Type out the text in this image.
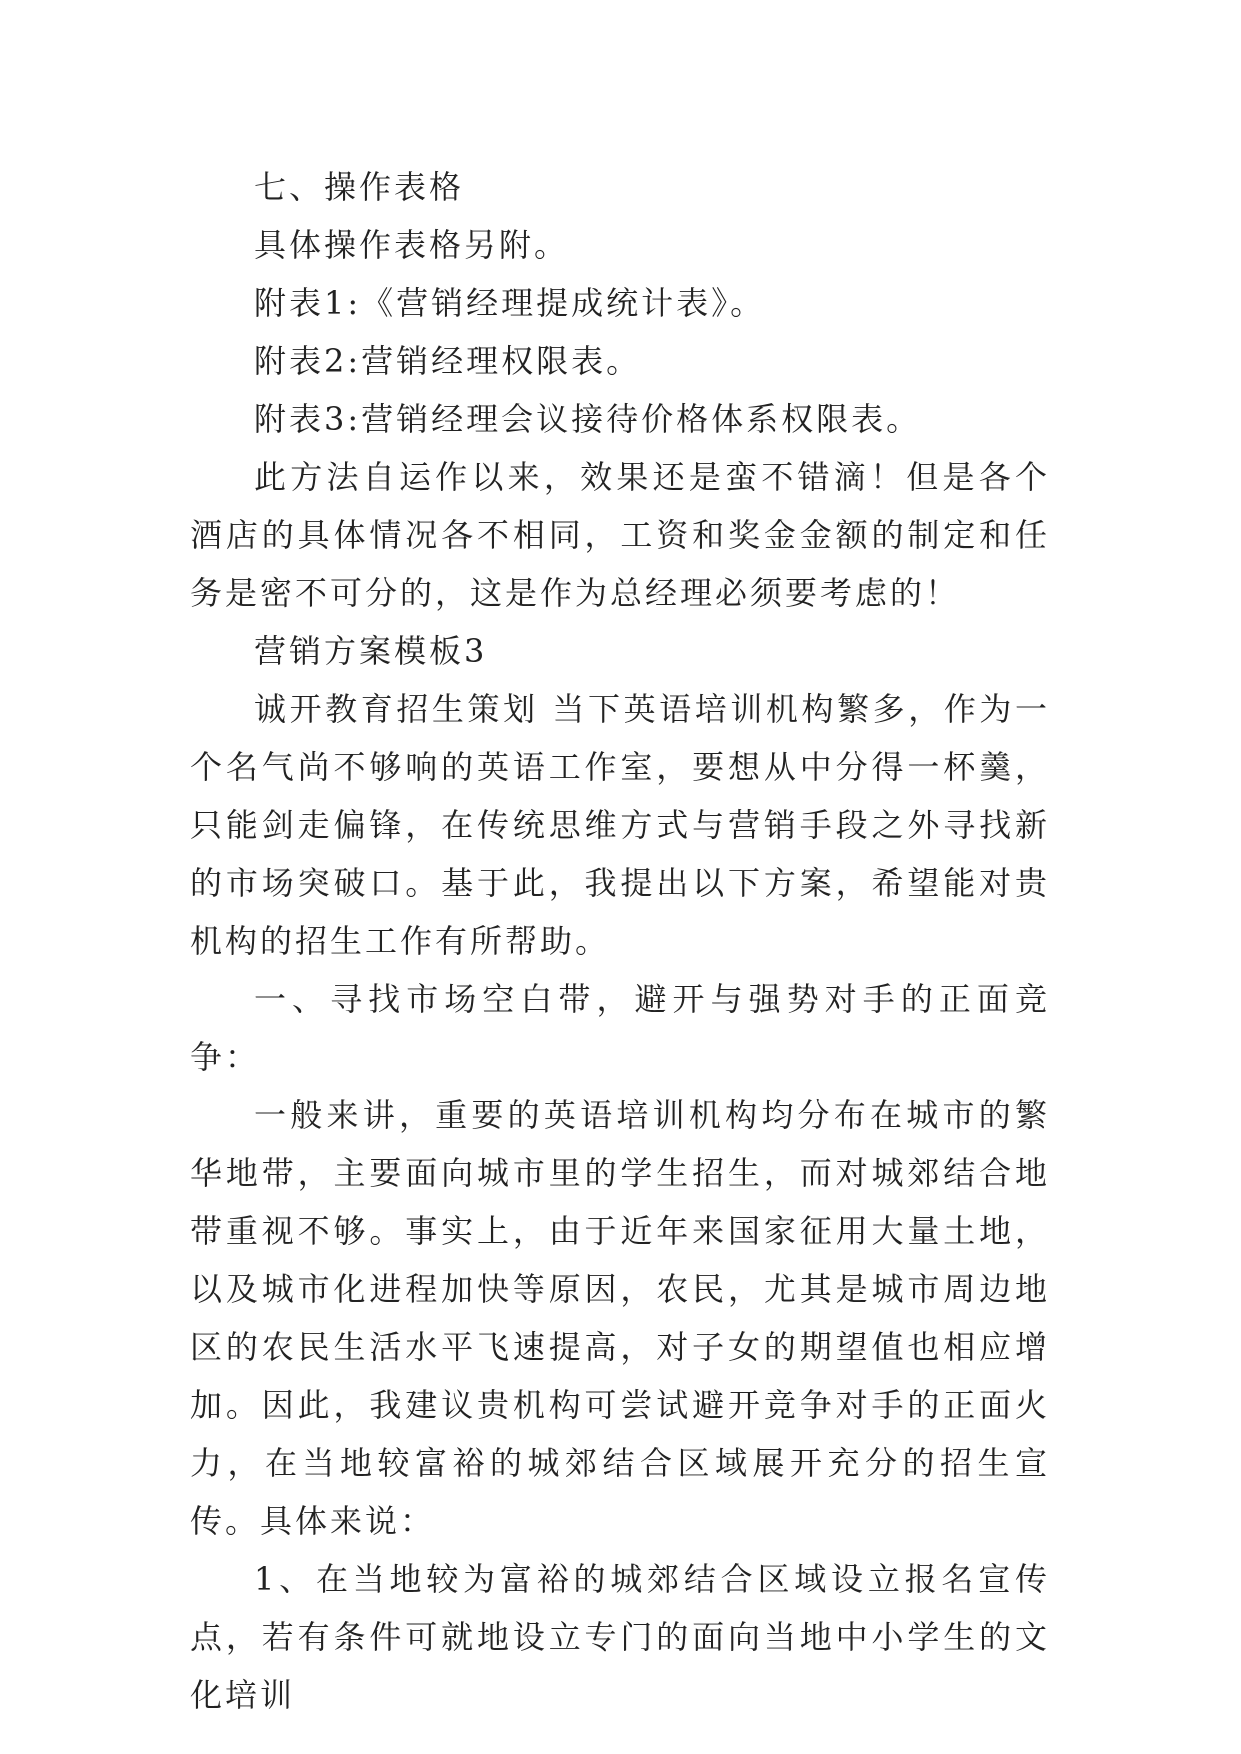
七、操作表格

具体操作表格另附。

附表1:《营销经理提成统计表》。

附表2:营销经理权限表。

附表3:营销经理会议接待价格体系权限表。

此方法自运作以来，效果还是蛮不错滴！但是各个酒店的具体情况各不相同，工资和奖金金额的制定和任务是密不可分的，这是作为总经理必须要考虑的！

营销方案模板3

诚开教育招生策划 当下英语培训机构繁多，作为一个名气尚不够响的英语工作室，要想从中分得一杯羹，只能剑走偏锋，在传统思维方式与营销手段之外寻找新的市场突破口。基于此，我提出以下方案，希望能对贵机构的招生工作有所帮助。

一、寻找市场空白带，避开与强势对手的正面竞争：

一般来讲，重要的英语培训机构均分布在城市的繁华地带，主要面向城市里的学生招生，而对城郊结合地带重视不够。事实上，由于近年来国家征用大量土地，以及城市化进程加快等原因，农民，尤其是城市周边地区的农民生活水平飞速提高，对子女的期望值也相应增加。因此，我建议贵机构可尝试避开竞争对手的正面火力，在当地较富裕的城郊结合区域展开充分的招生宣传。具体来说：

1、在当地较为富裕的城郊结合区域设立报名宣传点，若有条件可就地设立专门的面向当地中小学生的文化培训
